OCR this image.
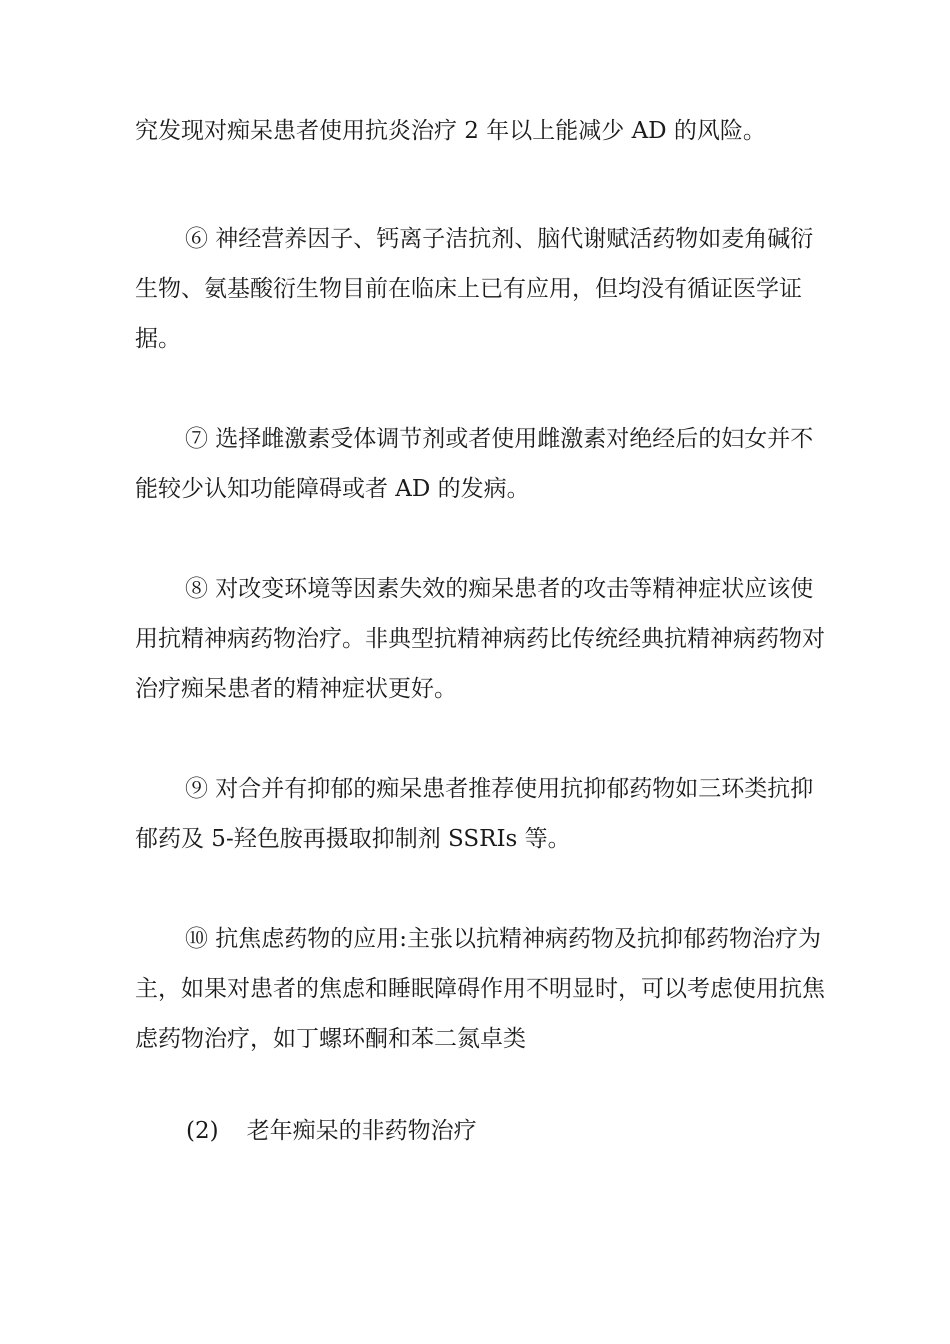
究发现对痴呆患者使用抗炎治疗 2 年以上能减少 AD 的风险。

⑥ 神经营养因子、钙离子洁抗剂、脑代谢赋活药物如麦角碱衍生物、氨基酸衍生物目前在临床上已有应用，但均没有循证医学证据。

⑦ 选择雌激素受体调节剂或者使用雌激素对绝经后的妇女并不能较少认知功能障碍或者 AD 的发病。

⑧ 对改变环境等因素失效的痴呆患者的攻击等精神症状应该使用抗精神病药物治疗。非典型抗精神病药比传统经典抗精神病药物对治疗痴呆患者的精神症状更好。

⑨ 对合并有抑郁的痴呆患者推荐使用抗抑郁药物如三环类抗抑郁药及 5-羟色胺再摄取抑制剂 SSRIs 等。

⑩ 抗焦虑药物的应用:主张以抗精神病药物及抗抑郁药物治疗为主，如果对患者的焦虑和睡眠障碍作用不明显时，可以考虑使用抗焦虑药物治疗，如丁螺环酮和苯二氮卓类

(2) 老年痴呆的非药物治疗
